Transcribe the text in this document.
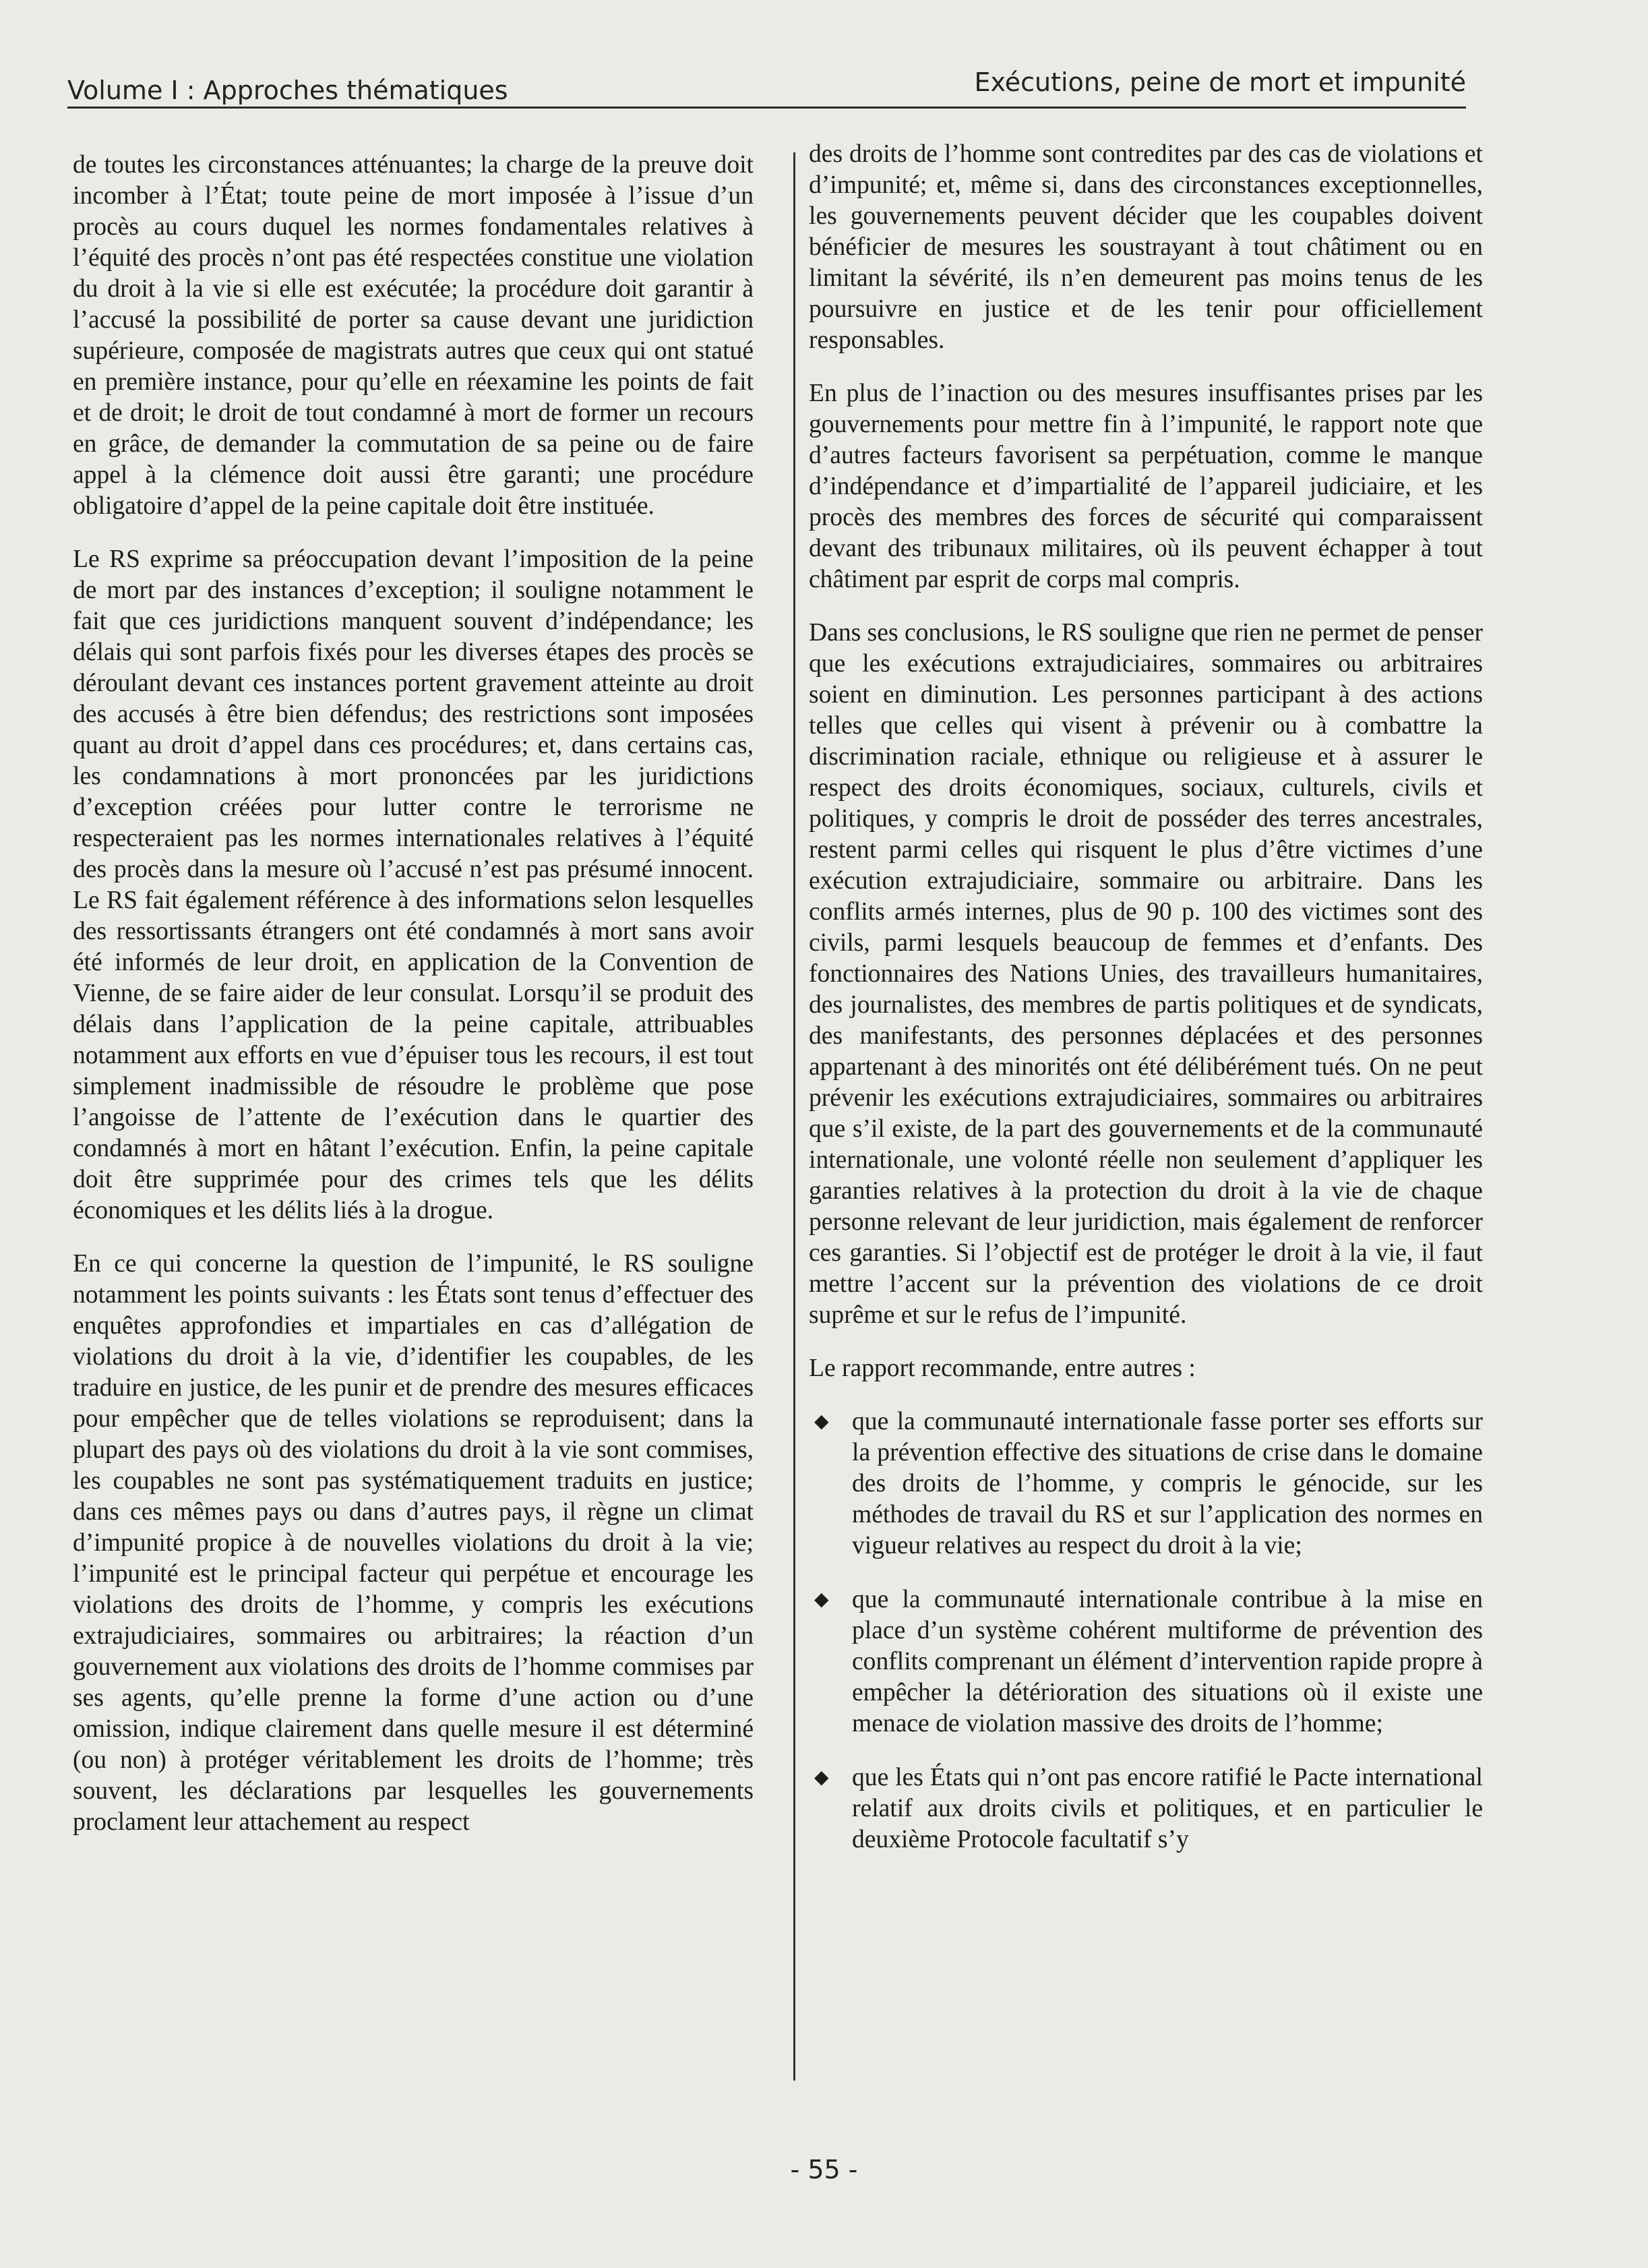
Volume I : Approches thématiques	Exécutions, peine de mort et impunité

de toutes les circonstances atténuantes; la charge de la preuve doit incomber à l’État; toute peine de mort imposée à l’issue d’un procès au cours duquel les normes fondamentales relatives à l’équité des procès n’ont pas été respectées constitue une violation du droit à la vie si elle est exécutée; la procédure doit garantir à l’accusé la possibilité de porter sa cause devant une juridiction supérieure, composée de magistrats autres que ceux qui ont statué en première instance, pour qu’elle en réexamine les points de fait et de droit; le droit de tout condamné à mort de former un recours en grâce, de demander la commutation de sa peine ou de faire appel à la clémence doit aussi être garanti; une procédure obligatoire d’appel de la peine capitale doit être instituée.

Le RS exprime sa préoccupation devant l’imposition de la peine de mort par des instances d’exception; il souligne notamment le fait que ces juridictions manquent souvent d’indépendance; les délais qui sont parfois fixés pour les diverses étapes des procès se déroulant devant ces instances portent gravement atteinte au droit des accusés à être bien défendus; des restrictions sont imposées quant au droit d’appel dans ces procédures; et, dans certains cas, les condamnations à mort prononcées par les juridictions d’exception créées pour lutter contre le terrorisme ne respecteraient pas les normes internationales relatives à l’équité des procès dans la mesure où l’accusé n’est pas présumé innocent. Le RS fait également référence à des informations selon lesquelles des ressortissants étrangers ont été condamnés à mort sans avoir été informés de leur droit, en application de la Convention de Vienne, de se faire aider de leur consulat. Lorsqu’il se produit des délais dans l’application de la peine capitale, attribuables notamment aux efforts en vue d’épuiser tous les recours, il est tout simplement inadmissible de résoudre le problème que pose l’angoisse de l’attente de l’exécution dans le quartier des condamnés à mort en hâtant l’exécution. Enfin, la peine capitale doit être supprimée pour des crimes tels que les délits économiques et les délits liés à la drogue.

En ce qui concerne la question de l’impunité, le RS souligne notamment les points suivants : les États sont tenus d’effectuer des enquêtes approfondies et impartiales en cas d’allégation de violations du droit à la vie, d’identifier les coupables, de les traduire en justice, de les punir et de prendre des mesures efficaces pour empêcher que de telles violations se reproduisent; dans la plupart des pays où des violations du droit à la vie sont commises, les coupables ne sont pas systématiquement traduits en justice; dans ces mêmes pays ou dans d’autres pays, il règne un climat d’impunité propice à de nouvelles violations du droit à la vie; l’impunité est le principal facteur qui perpétue et encourage les violations des droits de l’homme, y compris les exécutions extrajudiciaires, sommaires ou arbitraires; la réaction d’un gouvernement aux violations des droits de l’homme commises par ses agents, qu’elle prenne la forme d’une action ou d’une omission, indique clairement dans quelle mesure il est déterminé (ou non) à protéger véritablement les droits de l’homme; très souvent, les déclarations par lesquelles les gouvernements proclament leur attachement au respect

des droits de l’homme sont contredites par des cas de violations et d’impunité; et, même si, dans des circonstances exceptionnelles, les gouvernements peuvent décider que les coupables doivent bénéficier de mesures les soustrayant à tout châtiment ou en limitant la sévérité, ils n’en demeurent pas moins tenus de les poursuivre en justice et de les tenir pour officiellement responsables.

En plus de l’inaction ou des mesures insuffisantes prises par les gouvernements pour mettre fin à l’impunité, le rapport note que d’autres facteurs favorisent sa perpétuation, comme le manque d’indépendance et d’impartialité de l’appareil judiciaire, et les procès des membres des forces de sécurité qui comparaissent devant des tribunaux militaires, où ils peuvent échapper à tout châtiment par esprit de corps mal compris.

Dans ses conclusions, le RS souligne que rien ne permet de penser que les exécutions extrajudiciaires, sommaires ou arbitraires soient en diminution. Les personnes participant à des actions telles que celles qui visent à prévenir ou à combattre la discrimination raciale, ethnique ou religieuse et à assurer le respect des droits économiques, sociaux, culturels, civils et politiques, y compris le droit de posséder des terres ancestrales, restent parmi celles qui risquent le plus d’être victimes d’une exécution extrajudiciaire, sommaire ou arbitraire. Dans les conflits armés internes, plus de 90 p. 100 des victimes sont des civils, parmi lesquels beaucoup de femmes et d’enfants. Des fonctionnaires des Nations Unies, des travailleurs humanitaires, des journalistes, des membres de partis politiques et de syndicats, des manifestants, des personnes déplacées et des personnes appartenant à des minorités ont été délibérément tués. On ne peut prévenir les exécutions extrajudiciaires, sommaires ou arbitraires que s’il existe, de la part des gouvernements et de la communauté internationale, une volonté réelle non seulement d’appliquer les garanties relatives à la protection du droit à la vie de chaque personne relevant de leur juridiction, mais également de renforcer ces garanties. Si l’objectif est de protéger le droit à la vie, il faut mettre l’accent sur la prévention des violations de ce droit suprême et sur le refus de l’impunité.

Le rapport recommande, entre autres :

◆ que la communauté internationale fasse porter ses efforts sur la prévention effective des situations de crise dans le domaine des droits de l’homme, y compris le génocide, sur les méthodes de travail du RS et sur l’application des normes en vigueur relatives au respect du droit à la vie;
◆ que la communauté internationale contribue à la mise en place d’un système cohérent multiforme de prévention des conflits comprenant un élément d’intervention rapide propre à empêcher la détérioration des situations où il existe une menace de violation massive des droits de l’homme;
◆ que les États qui n’ont pas encore ratifié le Pacte international relatif aux droits civils et politiques, et en particulier le deuxième Protocole facultatif s’y
- 55 -
